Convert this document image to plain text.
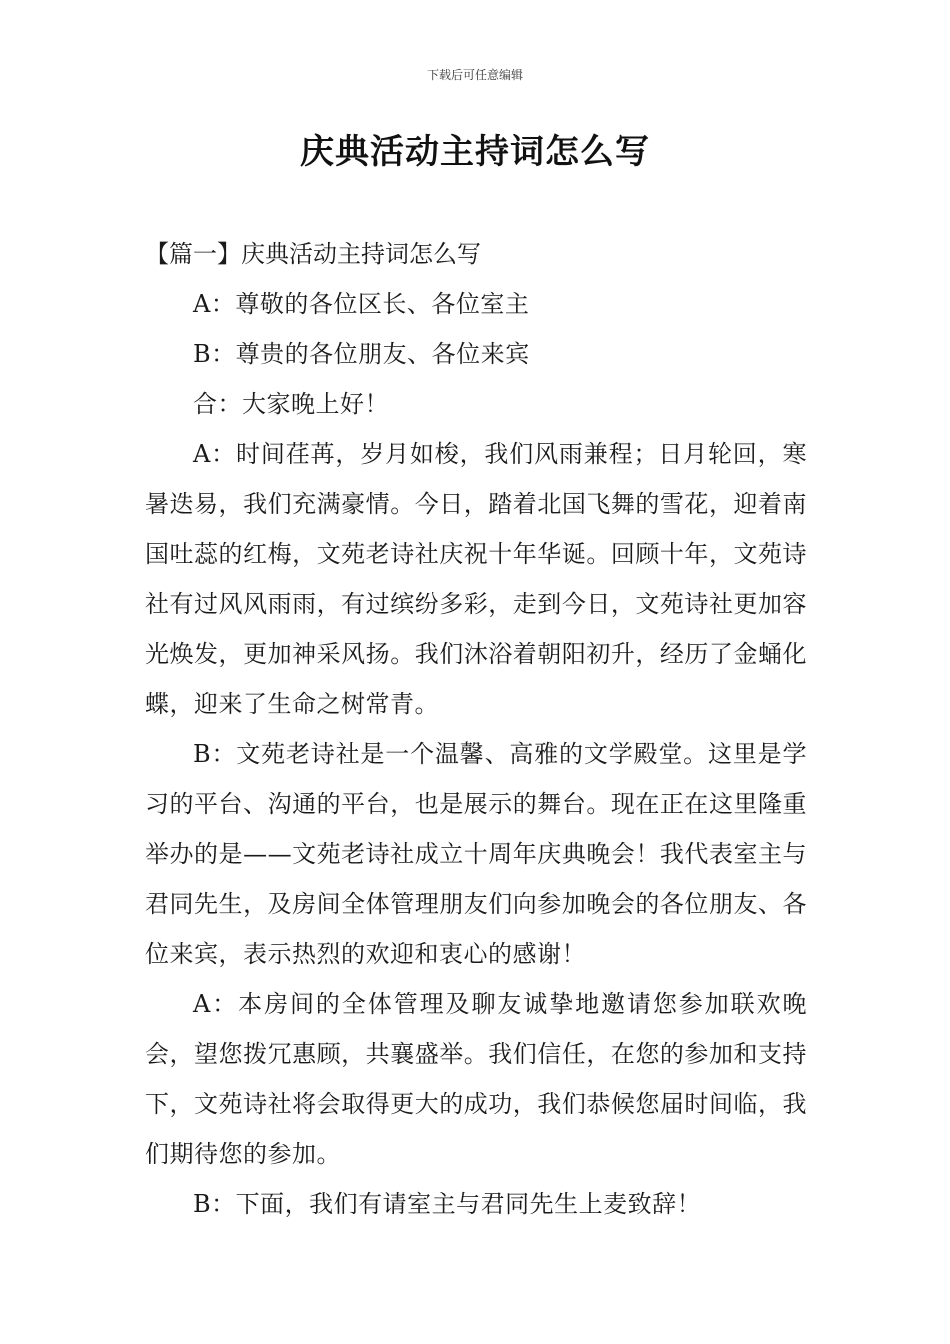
下载后可任意编辑
庆典活动主持词怎么写

【篇一】庆典活动主持词怎么写

A：尊敬的各位区长、各位室主

B：尊贵的各位朋友、各位来宾

合：大家晚上好！

A：时间荏苒，岁月如梭，我们风雨兼程；日月轮回，寒暑迭易，我们充满豪情。今日，踏着北国飞舞的雪花，迎着南国吐蕊的红梅，文苑老诗社庆祝十年华诞。回顾十年，文苑诗社有过风风雨雨，有过缤纷多彩，走到今日，文苑诗社更加容光焕发，更加神采风扬。我们沐浴着朝阳初升，经历了金蛹化蝶，迎来了生命之树常青。

B：文苑老诗社是一个温馨、高雅的文学殿堂。这里是学习的平台、沟通的平台，也是展示的舞台。现在正在这里隆重举办的是——文苑老诗社成立十周年庆典晚会！我代表室主与君同先生，及房间全体管理朋友们向参加晚会的各位朋友、各位来宾，表示热烈的欢迎和衷心的感谢！

A：本房间的全体管理及聊友诚挚地邀请您参加联欢晚会，望您拨冗惠顾，共襄盛举。我们信任，在您的参加和支持下，文苑诗社将会取得更大的成功，我们恭候您届时间临，我们期待您的参加。

B：下面，我们有请室主与君同先生上麦致辞！
